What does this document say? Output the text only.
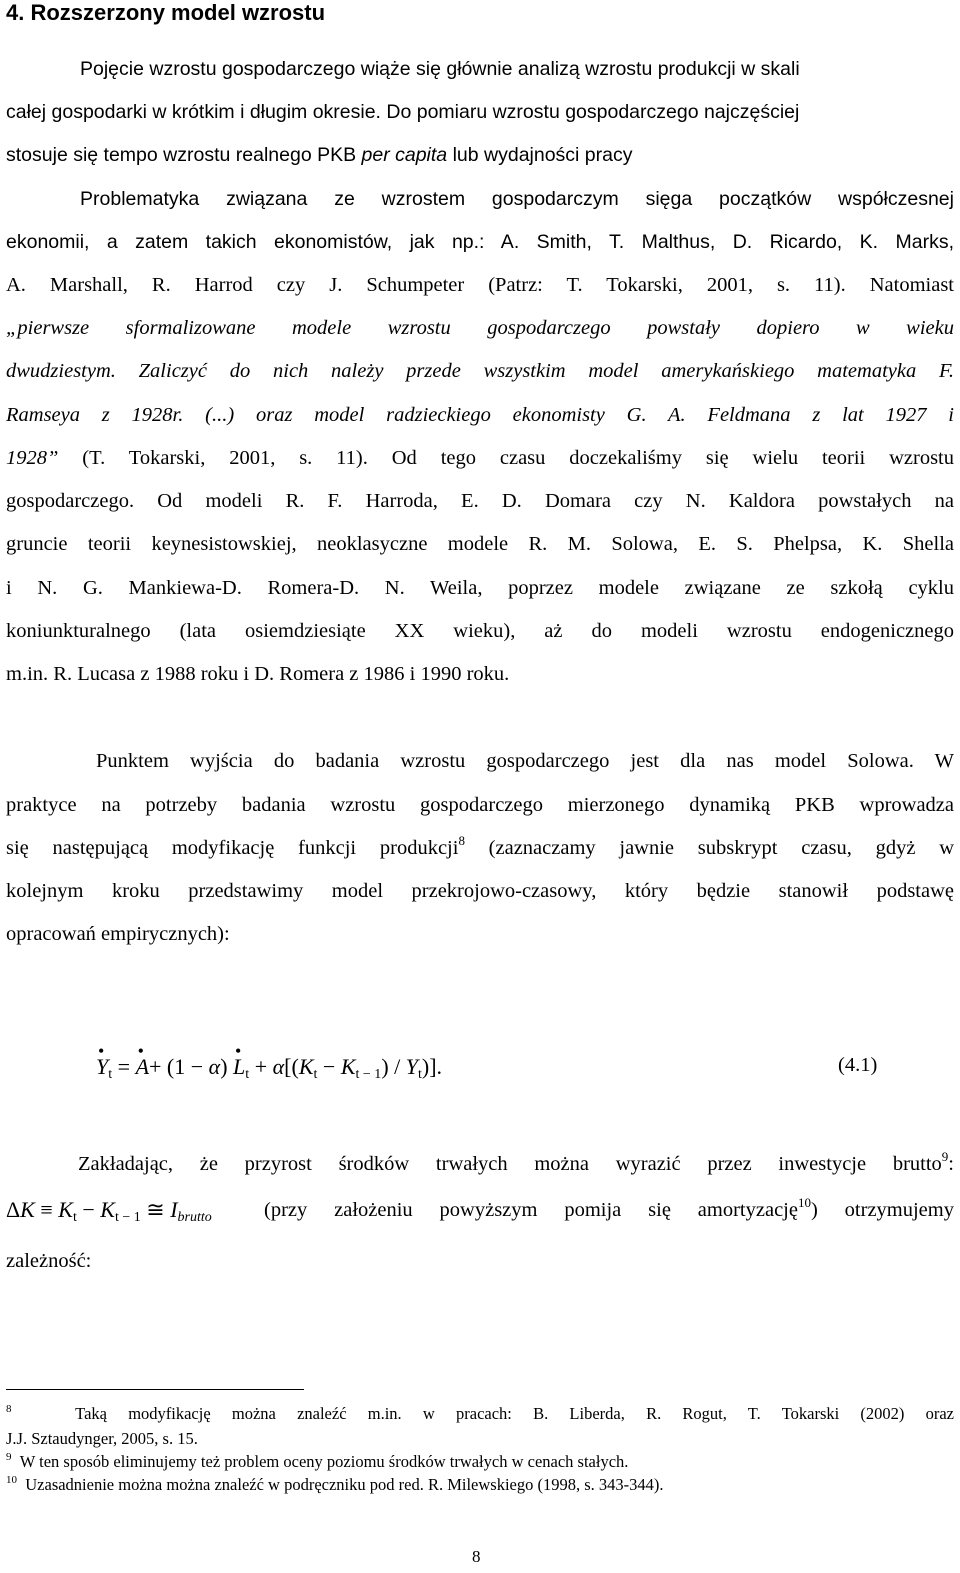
4. Rozszerzony model wzrostu
Pojęcie wzrostu gospodarczego wiąże się głównie analizą wzrostu produkcji w skali
całej gospodarki w krótkim i długim okresie. Do pomiaru wzrostu gospodarczego najczęściej
stosuje się tempo wzrostu realnego PKB per capita lub wydajności pracy
Problematyka związana ze wzrostem gospodarczym sięga początków współczesnej
ekonomii, a zatem takich ekonomistów, jak np.: A. Smith, T. Malthus, D. Ricardo, K. Marks,
A. Marshall, R. Harrod czy J. Schumpeter (Patrz: T. Tokarski, 2001, s. 11). Natomiast
„pierwsze sformalizowane modele wzrostu gospodarczego powstały dopiero w wieku
dwudziestym. Zaliczyć do nich należy przede wszystkim model amerykańskiego matematyka F.
Ramseya z 1928r. (...) oraz model radzieckiego ekonomisty G. A. Feldmana z lat 1927 i
1928” (T. Tokarski, 2001, s. 11). Od tego czasu doczekaliśmy się wielu teorii wzrostu
gospodarczego. Od modeli R. F. Harroda, E. D. Domara czy N. Kaldora powstałych na
gruncie teorii keynesistowskiej, neoklasyczne modele R. M. Solowa, E. S. Phelpsa, K. Shella
i N. G. Mankiewa-D. Romera-D. N. Weila, poprzez modele związane ze szkołą cyklu
koniunkturalnego (lata osiemdziesiąte XX wieku), aż do modeli wzrostu endogenicznego
m.in. R. Lucasa z 1988 roku i D. Romera z 1986 i 1990 roku.
Punktem wyjścia do badania wzrostu gospodarczego jest dla nas model Solowa. W
praktyce na potrzeby badania wzrostu gospodarczego mierzonego dynamiką PKB wprowadza
się następującą modyfikację funkcji produkcji$^8$ (zaznaczamy jawnie subskrypt czasu, gdyż w
kolejnym kroku przedstawimy model przekrojowo-czasowy, który będzie stanowił podstawę
opracowań empirycznych):
• $Y_t$ = • A+ (1 − α) • $L_t + \alpha[(K_t - K_{t - 1}) / Y_t)$].	(4.1)
Zakładając, że przyrost środków trwałych można wyrazić przez inwestycje brutto$^9$:
$\Delta K \equiv K_t - K_{t - 1}$ ≅ $I_{brutto}$	(przy założeniu powyższym pomija się amortyzację$^{10}$) otrzymujemy
zależność:
$^8$	Taką modyfikację można znaleźć m.in. w pracach: B. Liberda, R. Rogut, T. Tokarski (2002) oraz
J.J. Sztaudynger, 2005, s. 15.
$^9$ W ten sposób eliminujemy też problem oceny poziomu środków trwałych w cenach stałych.
$^{10}$ Uzasadnienie można można znaleźć w podręczniku pod red. R. Milewskiego (1998, s. 343-344).
8
